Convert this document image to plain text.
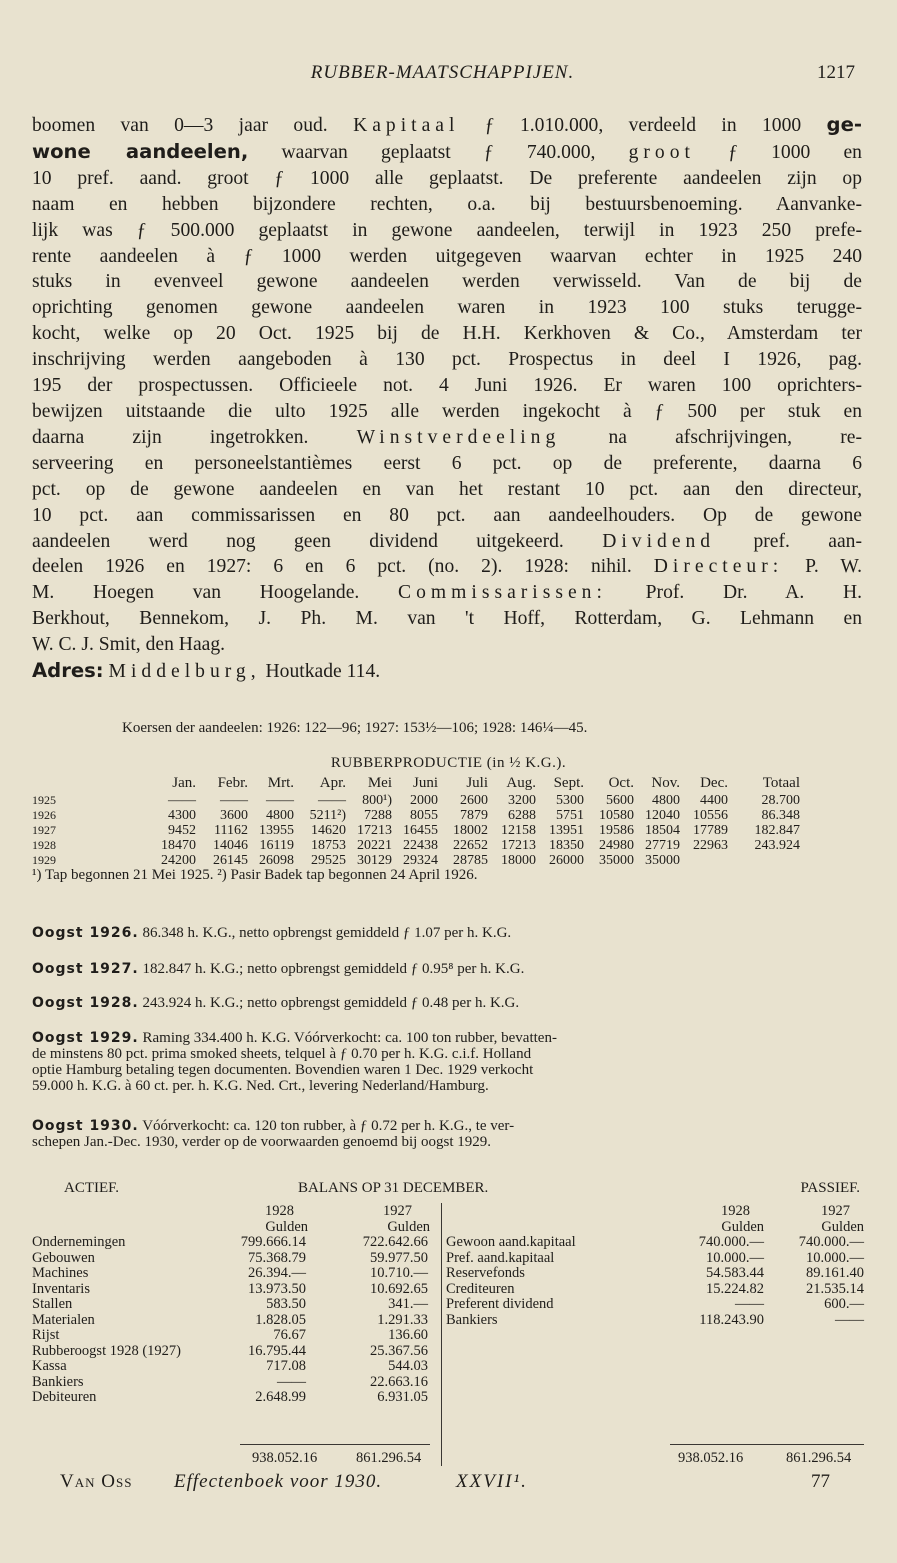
RUBBER-MAATSCHAPPIJEN.	1217
boomen van 0—3 jaar oud. Kapitaal ƒ 1.010.000, verdeeld in 1000 ge-
wone aandeelen, waarvan geplaatst ƒ 740.000, groot ƒ 1000 en
10 pref. aand. groot ƒ 1000 alle geplaatst. De preferente aandeelen zijn op
naam en hebben bijzondere rechten, o.a. bij bestuursbenoeming. Aanvanke-
lijk was ƒ 500.000 geplaatst in gewone aandeelen, terwijl in 1923 250 prefe-
rente aandeelen à ƒ 1000 werden uitgegeven waarvan echter in 1925 240
stuks in evenveel gewone aandeelen werden verwisseld. Van de bij de
oprichting genomen gewone aandeelen waren in 1923 100 stuks terugge-
kocht, welke op 20 Oct. 1925 bij de H.H. Kerkhoven & Co., Amsterdam ter
inschrijving werden aangeboden à 130 pct. Prospectus in deel I 1926, pag.
195 der prospectussen. Officieele not. 4 Juni 1926. Er waren 100 oprichters-
bewijzen uitstaande die ulto 1925 alle werden ingekocht à ƒ 500 per stuk en
daarna zijn ingetrokken. Winstverdeeling na afschrijvingen, re-
serveering en personeelstantièmes eerst 6 pct. op de preferente, daarna 6
pct. op de gewone aandeelen en van het restant 10 pct. aan den directeur,
10 pct. aan commissarissen en 80 pct. aan aandeelhouders. Op de gewone
aandeelen werd nog geen dividend uitgekeerd. Dividend pref. aan-
deelen 1926 en 1927: 6 en 6 pct. (no. 2). 1928: nihil. Directeur: P. W.
M. Hoegen van Hoogelande. Commissarissen: Prof. Dr. A. H.
Berkhout, Bennekom, J. Ph. M. van 't Hoff, Rotterdam, G. Lehmann en
W. C. J. Smit, den Haag.
Adres: Middelburg, Houtkade 114.
Koersen der aandeelen: 1926: 122—96; 1927: 153½—106; 1928: 146¼—45.
RUBBERPRODUCTIE (in ½ K.G.).
Jan.	Febr.	Mrt.	Apr.	Mei	Juni	Juli	Aug.	Sept.	Oct.	Nov.	Dec.	Totaal
1925	——	——	——	——	800¹)	2000	2600	3200	5300	5600	4800	4400	28.700
1926	4300	3600	4800	5211²)	7288	8055	7879	6288	5751	10580 12040 10556	86.348
1927	9452	11162 13955	14620 17213 16455	18002 12158 13951	19586 18504 17789	182.847
1928	18470	14046 16119	18753 20221 22438	22652 17213 18350	24980 27719 22963	243.924
1929	24200	26145 26098	29525 30129 29324	28785 18000 26000	35000 35000
¹) Tap begonnen 21 Mei 1925. ²) Pasir Badek tap begonnen 24 April 1926.
Oogst 1926. 86.348 h. K.G., netto opbrengst gemiddeld ƒ 1.07 per h. K.G.
Oogst 1927. 182.847 h. K.G.; netto opbrengst gemiddeld ƒ 0.95⁸ per h. K.G.
Oogst 1928. 243.924 h. K.G.; netto opbrengst gemiddeld ƒ 0.48 per h. K.G.
Oogst 1929. Raming 334.400 h. K.G. Vóórverkocht: ca. 100 ton rubber, bevatten-
de minstens 80 pct. prima smoked sheets, telquel à ƒ 0.70 per h. K.G. c.i.f. Holland
optie Hamburg betaling tegen documenten. Bovendien waren 1 Dec. 1929 verkocht
59.000 h. K.G. à 60 ct. per. h. K.G. Ned. Crt., levering Nederland/Hamburg.
Oogst 1930. Vóórverkocht: ca. 120 ton rubber, à ƒ 0.72 per h. K.G., te ver-
schepen Jan.-Dec. 1930, verder op de voorwaarden genoemd bij oogst 1929.
ACTIEF.	BALANS OP 31 DECEMBER.	PASSIEF.
1928	1927
Gulden	Gulden
Ondernemingen	799.666.14	722.642.66
Gebouwen	75.368.79	59.977.50
Machines	26.394.—	10.710.—
Inventaris	13.973.50	10.692.65
Stallen	583.50	341.—
Materialen	1.828.05	1.291.33
Rijst	76.67	136.60
Rubberoogst 1928 (1927)	16.795.44	25.367.56
Kassa	717.08	544.03
Bankiers	——	22.663.16
Debiteuren	2.648.99	6.931.05
1928	1927
Gulden	Gulden
Gewoon aand.kapitaal	740.000.— 740.000.—
Pref. aand.kapitaal	10.000.—	10.000.—
Reservefonds	54.583.44	89.161.40
Crediteuren	15.224.82	21.535.14
Preferent dividend	——	600.—
Bankiers	118.243.90	——
938.052.16	861.296.54	938.052.16	861.296.54
Van Oss Effectenboek voor 1930.	XXVII¹.	77
